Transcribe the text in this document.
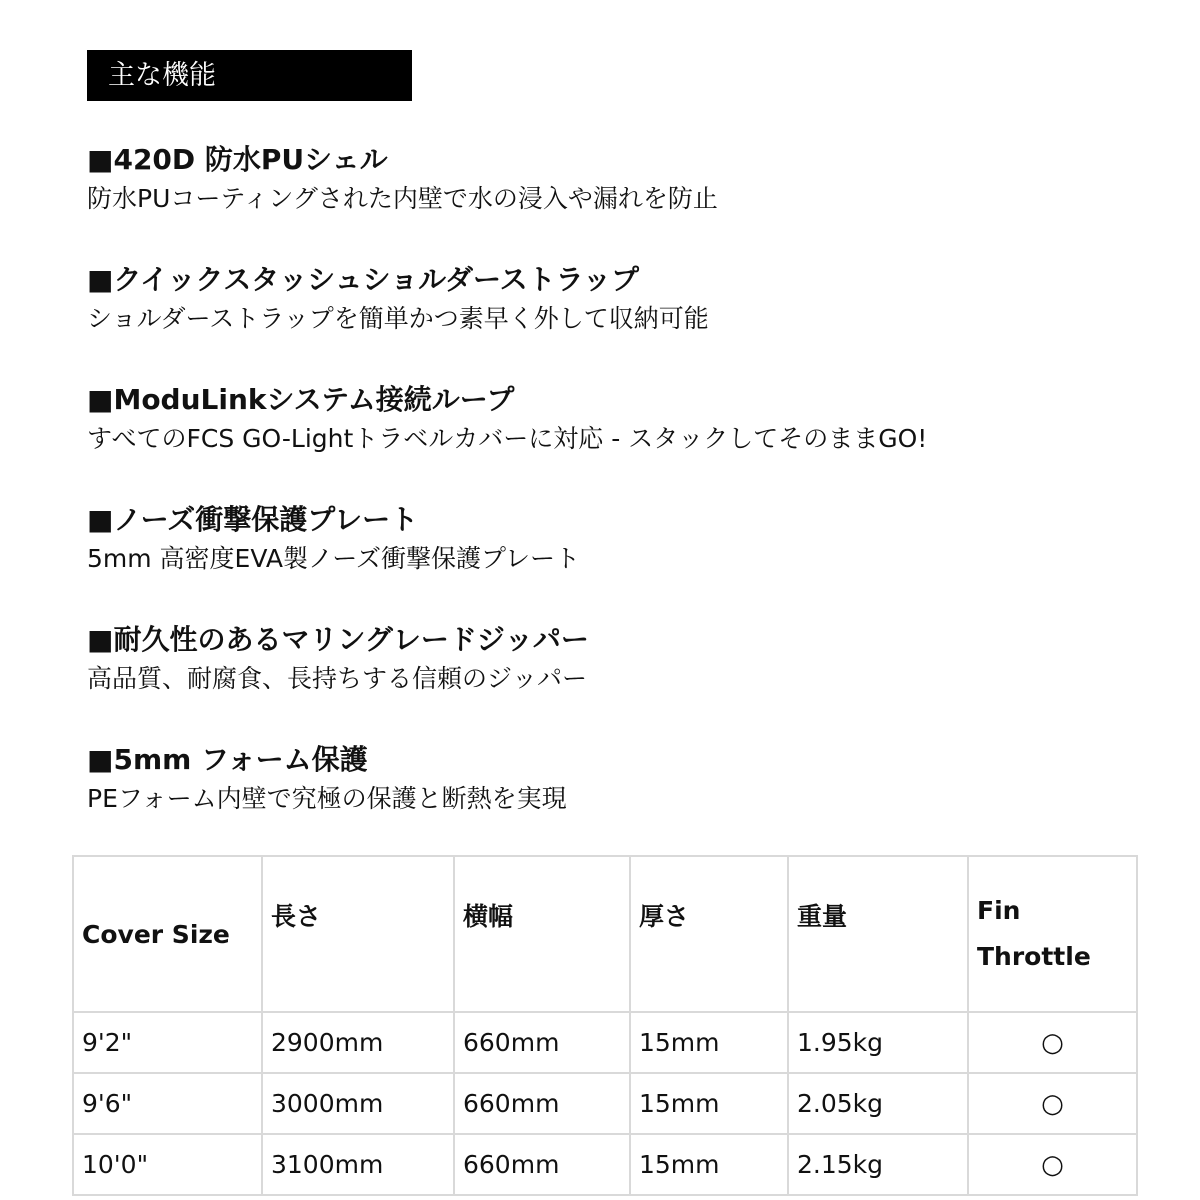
主な機能
■420D 防水PUシェル
防水PUコーティングされた内壁で水の浸入や漏れを防止
■クイックスタッシュショルダーストラップ
ショルダーストラップを簡単かつ素早く外して収納可能
■ModuLinkシステム接続ループ
すべてのFCS GO-Lightトラベルカバーに対応 - スタックしてそのままGO!
■ノーズ衝撃保護プレート
5mm 高密度EVA製ノーズ衝撃保護プレート
■耐久性のあるマリングレードジッパー
高品質、耐腐食、長持ちする信頼のジッパー
■5mm フォーム保護
PEフォーム内壁で究極の保護と断熱を実現
Cover Size	長さ	横幅	厚さ	重量	Fin Throttle
9'2"	2900mm	660mm	15mm	1.95kg	○
9'6"	3000mm	660mm	15mm	2.05kg	○
10'0"	3100mm	660mm	15mm	2.15kg	○
